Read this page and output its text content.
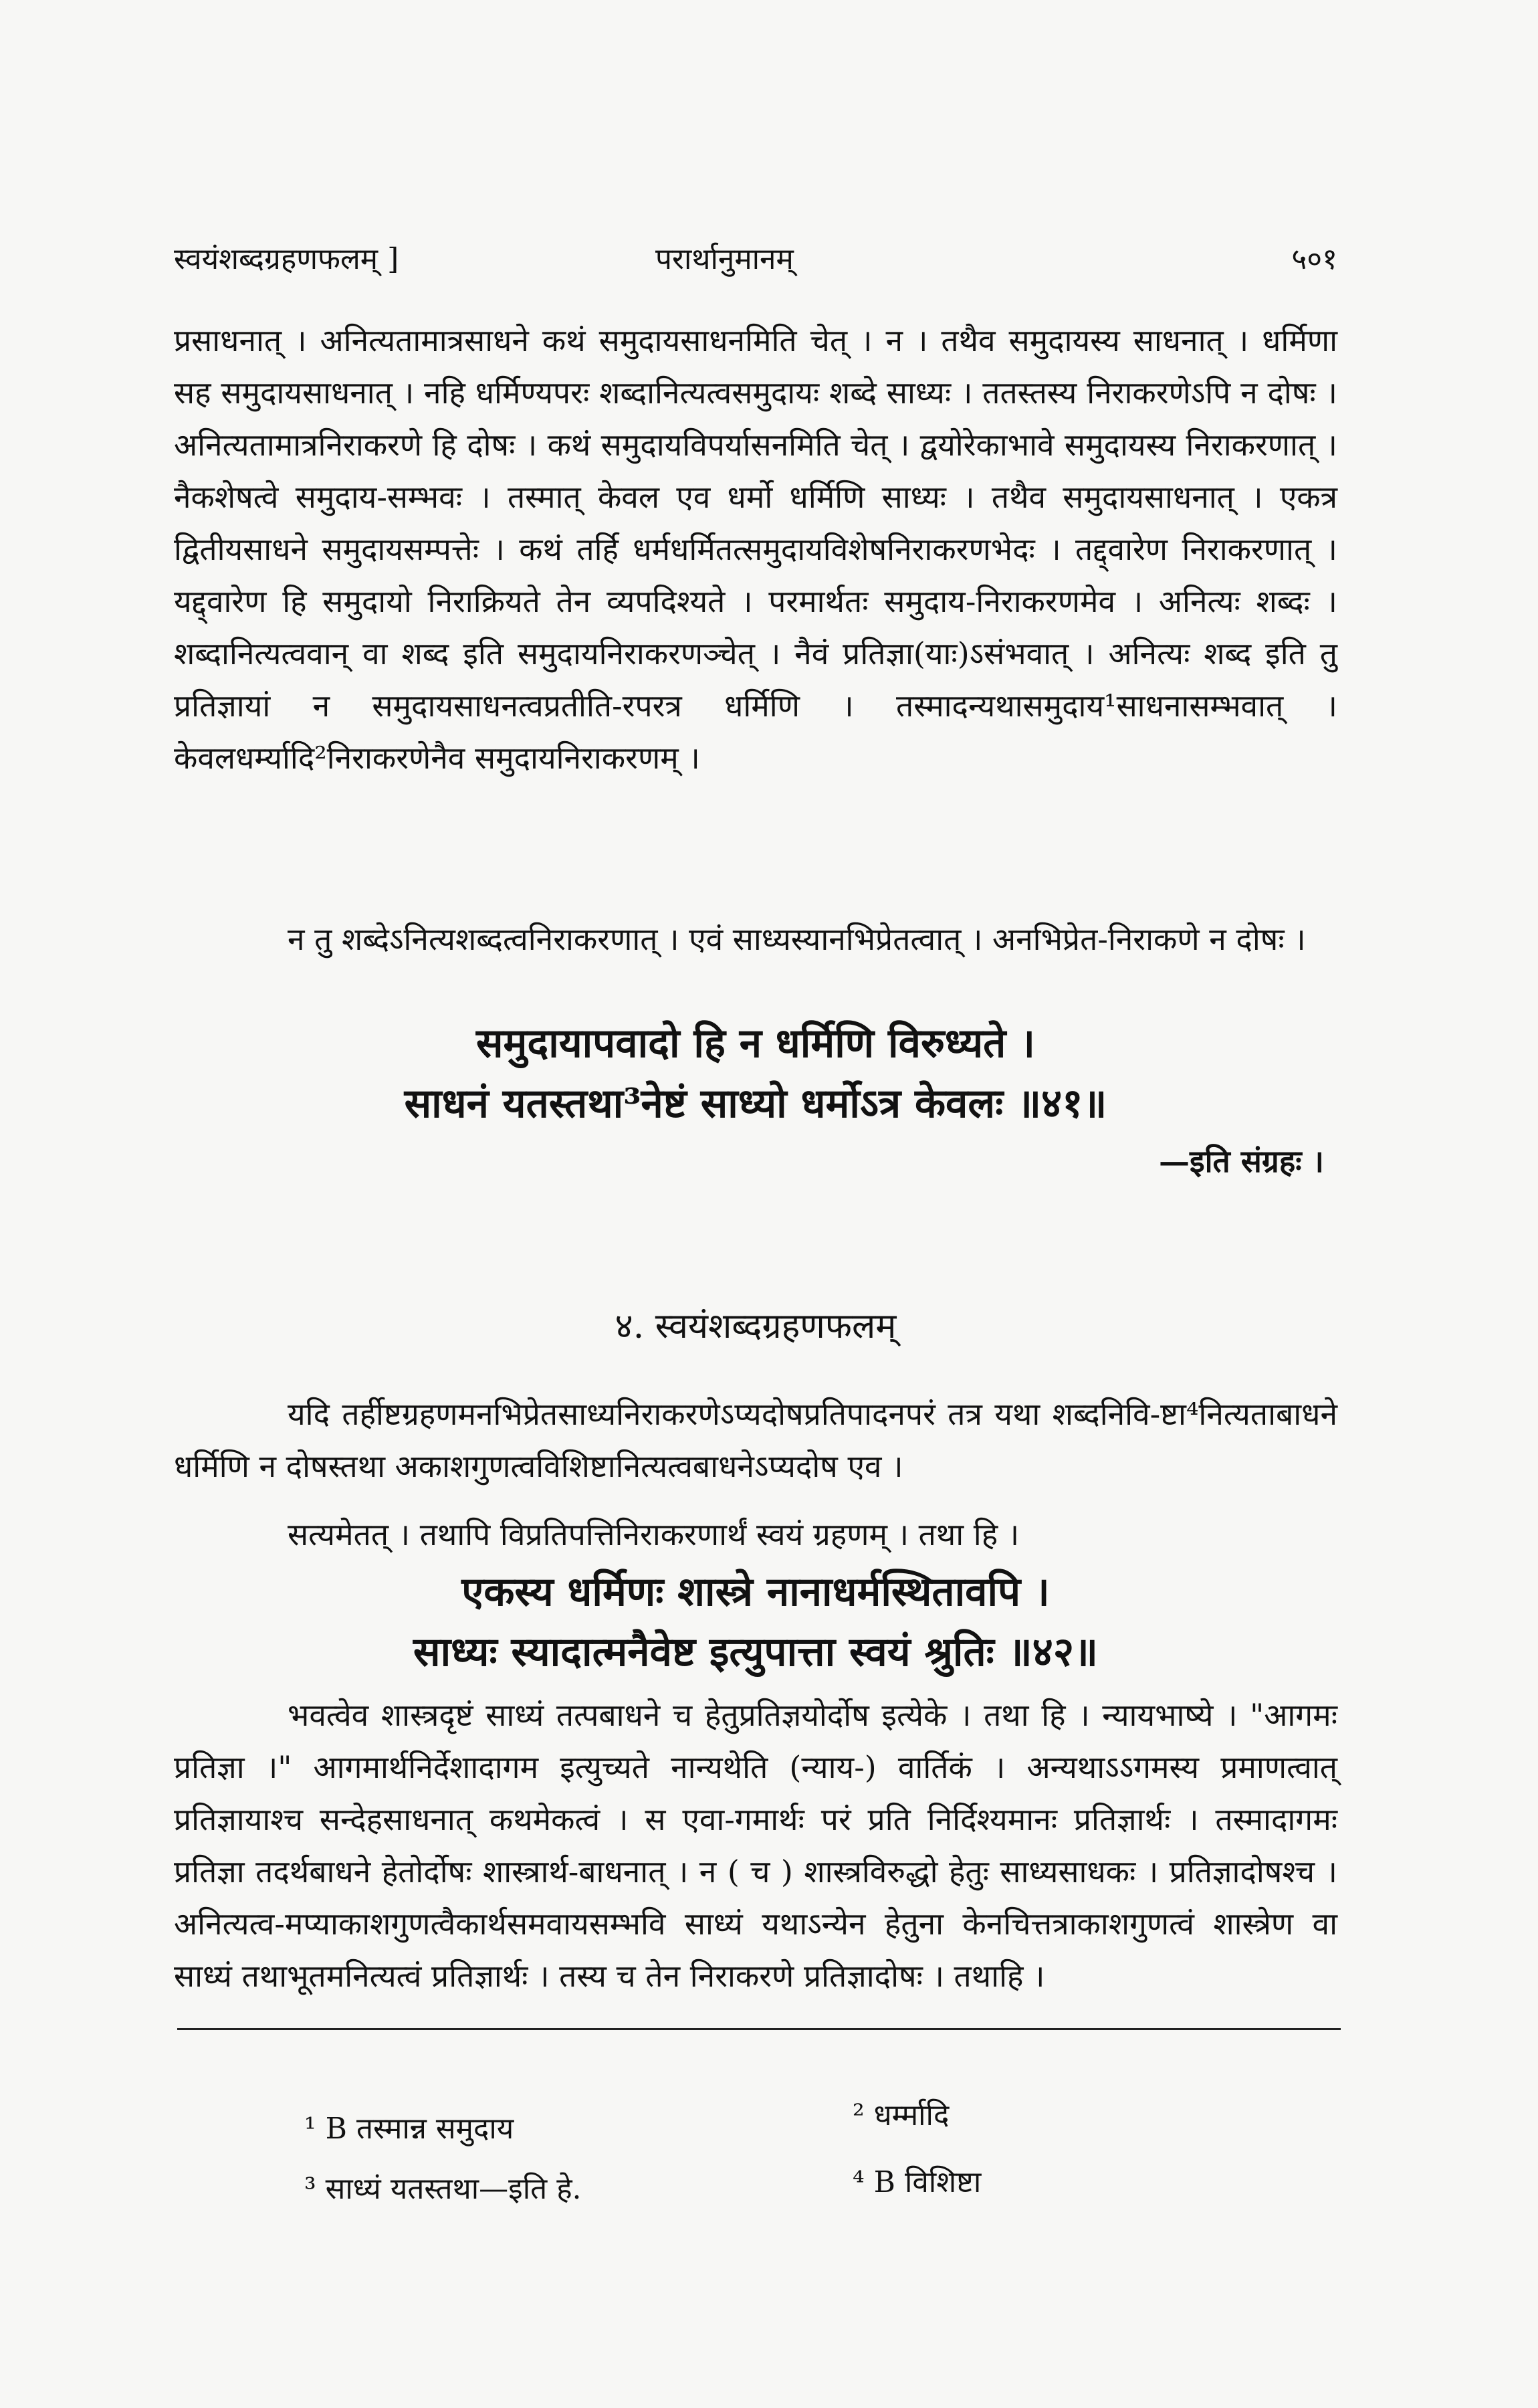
स्वयंशब्दग्रहणफलम् ]	परार्थानुमानम्	५०१

प्रसाधनात् । अनित्यतामात्रसाधने कथं समुदायसाधनमिति चेत् । न । तथैव समुदायस्य साधनात् । धर्मिणा सह समुदायसाधनात् । नहि धर्मिण्यपरः शब्दानित्यत्वसमुदायः शब्दे साध्यः । ततस्तस्य निराकरणेऽपि न दोषः । अनित्यतामात्रनिराकरणे हि दोषः । कथं समुदायविपर्यासनमिति चेत् । द्वयोरेकाभावे समुदायस्य निराकरणात् । नैकशेषत्वे समुदाय-सम्भवः । तस्मात् केवल एव धर्मो धर्मिणि साध्यः । तथैव समुदायसाधनात् । एकत्र द्वितीयसाधने समुदायसम्पत्तेः । कथं तर्हि धर्मधर्मितत्समुदायविशेषनिराकरणभेदः । तद्द्वारेण निराकरणात् । यद्द्वारेण हि समुदायो निराक्रियते तेन व्यपदिश्यते । परमार्थतः समुदाय-निराकरणमेव । अनित्यः शब्दः । शब्दानित्यत्ववान् वा शब्द इति समुदायनिराकरणञ्चेत् । नैवं प्रतिज्ञा(याः)ऽसंभवात् । अनित्यः शब्द इति तु प्रतिज्ञायां न समुदायसाधनत्वप्रतीति-रपरत्र धर्मिणि । तस्मादन्यथासमुदाय¹साधनासम्भवात् । केवलधर्म्यादि²निराकरणेनैव समुदायनिराकरणम् ।

न तु शब्देऽनित्यशब्दत्वनिराकरणात् । एवं साध्यस्यानभिप्रेतत्वात् । अनभिप्रेत-निराकणे न दोषः ।

समुदायापवादो हि न धर्मिणि विरुध्यते ।
साधनं यतस्तथा³नेष्टं साध्यो धर्मोऽत्र केवलः ॥४१॥
—इति संग्रहः ।
४. स्वयंशब्दग्रहणफलम्

यदि तर्हीष्टग्रहणमनभिप्रेतसाध्यनिराकरणेऽप्यदोषप्रतिपादनपरं तत्र यथा शब्दनिवि-ष्टा⁴नित्यताबाधने धर्मिणि न दोषस्तथा अकाशगुणत्वविशिष्टानित्यत्वबाधनेऽप्यदोष एव ।

सत्यमेतत् । तथापि विप्रतिपत्तिनिराकरणार्थं स्वयं ग्रहणम् । तथा हि ।

एकस्य धर्मिणः शास्त्रे नानाधर्मस्थितावपि ।
साध्यः स्यादात्मनैवेष्ट इत्युपात्ता स्वयं श्रुतिः ॥४२॥

भवत्वेव शास्त्रदृष्टं साध्यं तत्पबाधने च हेतुप्रतिज्ञयोर्दोष इत्येके । तथा हि । न्यायभाष्ये । "आगमः प्रतिज्ञा ।" आगमार्थनिर्देशादागम इत्युच्यते नान्यथेति (न्याय-) वार्तिकं । अन्यथाऽऽगमस्य प्रमाणत्वात् प्रतिज्ञायाश्च सन्देहसाधनात् कथमेकत्वं । स एवा-गमार्थः परं प्रति निर्दिश्यमानः प्रतिज्ञार्थः । तस्मादागमः प्रतिज्ञा तदर्थबाधने हेतोर्दोषः शास्त्रार्थ-बाधनात् । न ( च ) शास्त्रविरुद्धो हेतुः साध्यसाधकः । प्रतिज्ञादोषश्च । अनित्यत्व-मप्याकाशगुणत्वैकार्थसमवायसम्भवि साध्यं यथाऽन्येन हेतुना केनचित्तत्राकाशगुणत्वं शास्त्रेण वा साध्यं तथाभूतमनित्यत्वं प्रतिज्ञार्थः । तस्य च तेन निराकरणे प्रतिज्ञादोषः । तथाहि ।

¹ B तस्मान्न समुदाय	² धर्म्मादि
³ साध्यं यतस्तथा—इति हे.	⁴ B विशिष्टा
